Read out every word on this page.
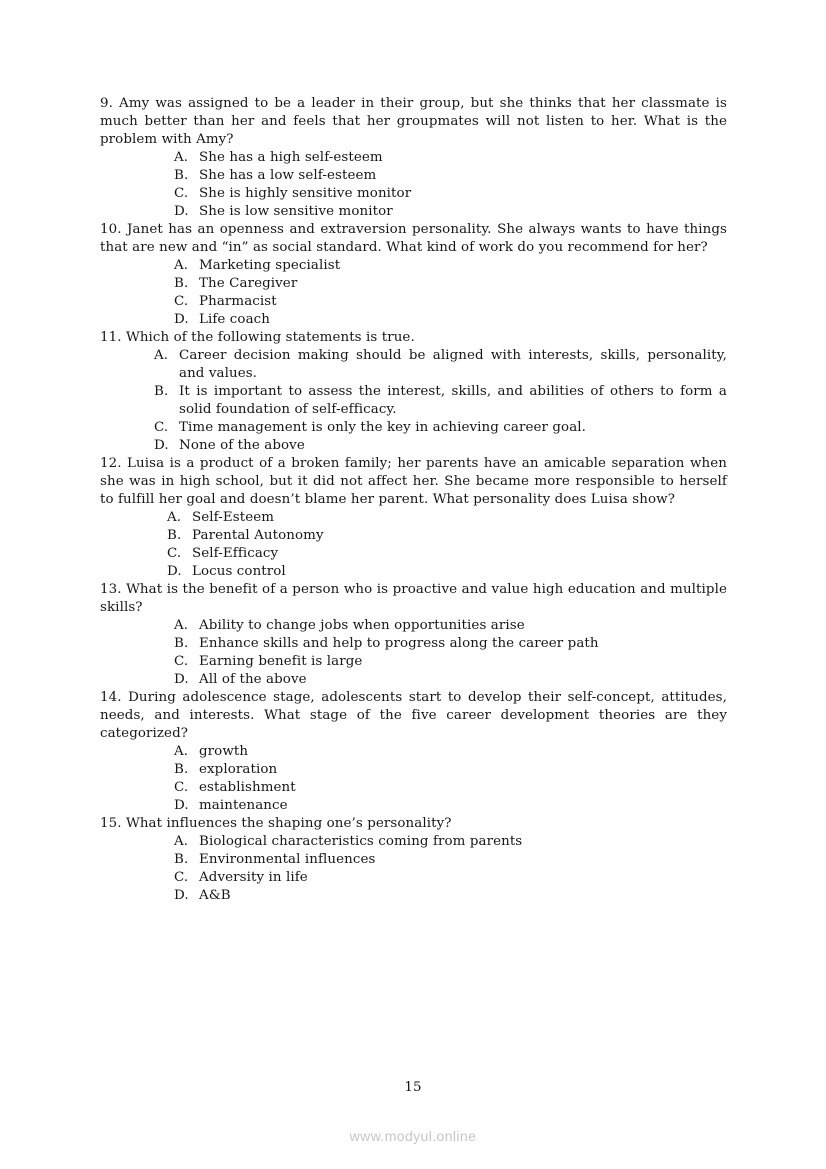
9. Amy was assigned to be a leader in their group, but she thinks that her classmate is much better than her and feels that her groupmates will not listen to her. What is the problem with Amy?

A. She has a high self-esteem
B. She has a low self-esteem
C. She is highly sensitive monitor
D. She is low sensitive monitor

10. Janet has an openness and extraversion personality. She always wants to have things that are new and “in” as social standard. What kind of work do you recommend for her?

A. Marketing specialist
B. The Caregiver
C. Pharmacist
D. Life coach

11. Which of the following statements is true.

A. Career decision making should be aligned with interests, skills, personality, and values.
B. It is important to assess the interest, skills, and abilities of others to form a solid foundation of self-efficacy.
C. Time management is only the key in achieving career goal.
D. None of the above

12. Luisa is a product of a broken family; her parents have an amicable separation when she was in high school, but it did not affect her. She became more responsible to herself to fulfill her goal and doesn’t blame her parent. What personality does Luisa show?

A. Self-Esteem
B. Parental Autonomy
C. Self-Efficacy
D. Locus control

13. What is the benefit of a person who is proactive and value high education and multiple skills?

A. Ability to change jobs when opportunities arise
B. Enhance skills and help to progress along the career path
C. Earning benefit is large
D. All of the above

14. During adolescence stage, adolescents start to develop their self-concept, attitudes, needs, and interests. What stage of the five career development theories are they categorized?

A. growth
B. exploration
C. establishment
D. maintenance

15. What influences the shaping one’s personality?

A. Biological characteristics coming from parents
B. Environmental influences
C. Adversity in life
D. A&B
15
www.modyul.online
